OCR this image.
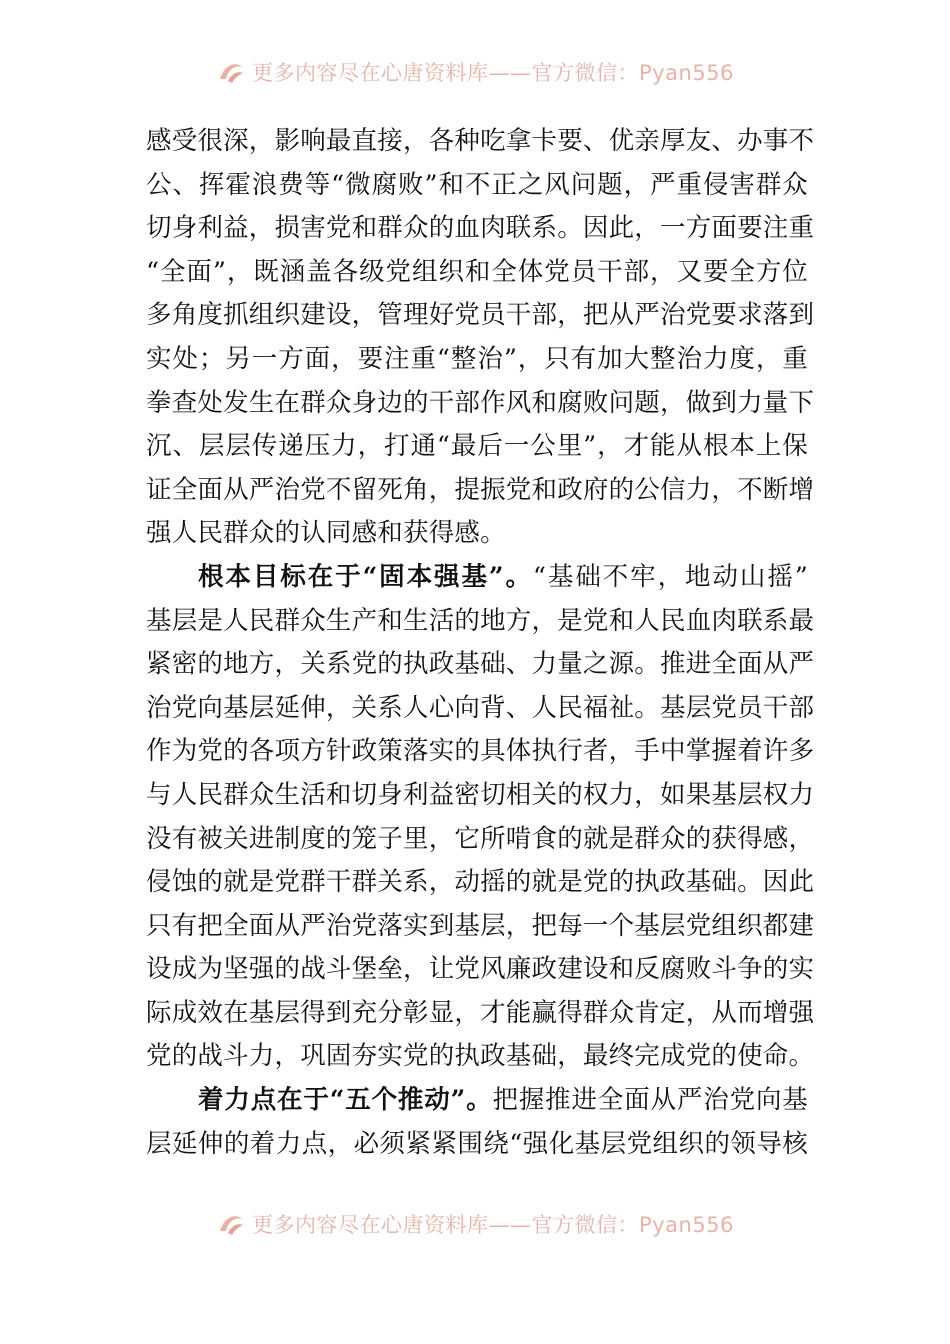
更多内容尽在心唐资料库——官方微信：Pyan556
感受很深，影响最直接，各种吃拿卡要、优亲厚友、办事不
公、挥霍浪费等“微腐败”和不正之风问题，严重侵害群众
切身利益，损害党和群众的血肉联系。因此，一方面要注重
“全面”，既涵盖各级党组织和全体党员干部，又要全方位
多角度抓组织建设，管理好党员干部，把从严治党要求落到
实处；另一方面，要注重“整治”，只有加大整治力度，重
拳查处发生在群众身边的干部作风和腐败问题，做到力量下
沉、层层传递压力，打通“最后一公里”，才能从根本上保
证全面从严治党不留死角，提振党和政府的公信力，不断增
强人民群众的认同感和获得感。
根本目标在于“固本强基”。“基础不牢，地动山摇”
基层是人民群众生产和生活的地方，是党和人民血肉联系最
紧密的地方，关系党的执政基础、力量之源。推进全面从严
治党向基层延伸，关系人心向背、人民福祉。基层党员干部
作为党的各项方针政策落实的具体执行者，手中掌握着许多
与人民群众生活和切身利益密切相关的权力，如果基层权力
没有被关进制度的笼子里，它所啃食的就是群众的获得感，
侵蚀的就是党群干群关系，动摇的就是党的执政基础。因此
只有把全面从严治党落实到基层，把每一个基层党组织都建
设成为坚强的战斗堡垒，让党风廉政建设和反腐败斗争的实
际成效在基层得到充分彰显，才能赢得群众肯定，从而增强
党的战斗力，巩固夯实党的执政基础，最终完成党的使命。
着力点在于“五个推动”。把握推进全面从严治党向基
层延伸的着力点，必须紧紧围绕“强化基层党组织的领导核
更多内容尽在心唐资料库——官方微信：Pyan556
